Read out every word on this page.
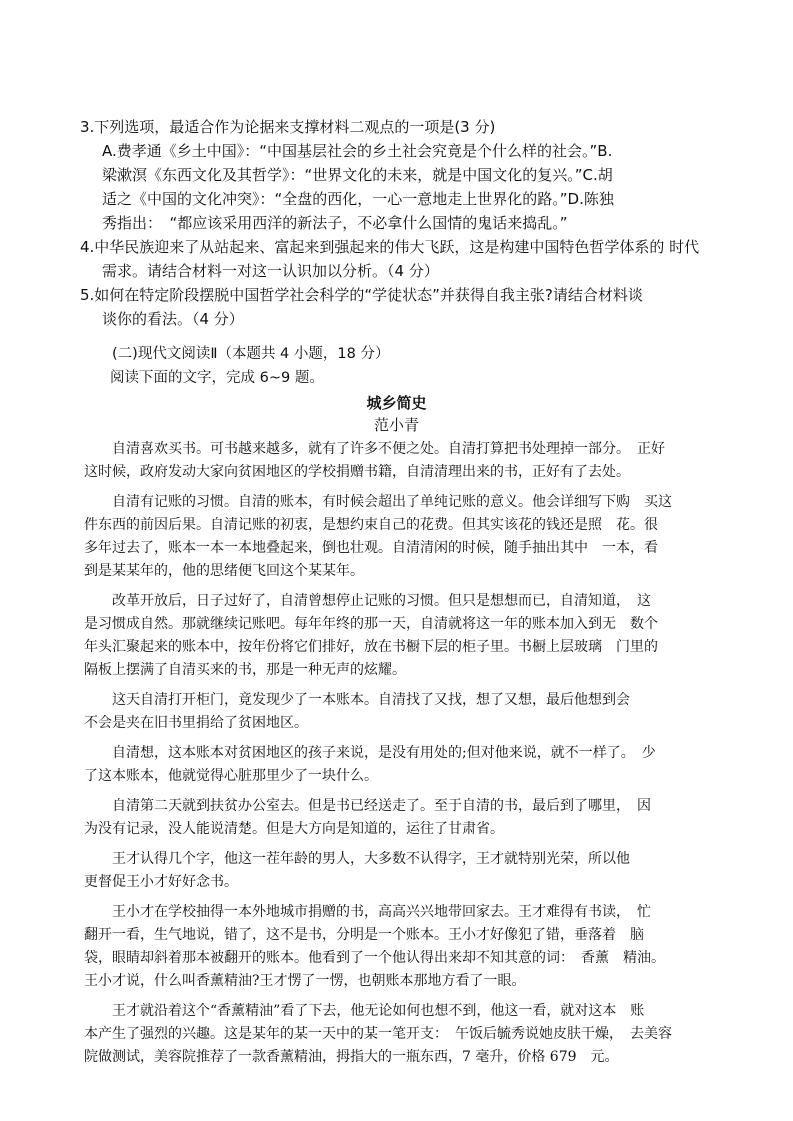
3.下列选项，最适合作为论据来支撑材料二观点的一项是(3 分)
A.费孝通《乡土中国》：“中国基层社会的乡土社会究竟是个什么样的社会。”B.
梁漱溟《东西文化及其哲学》：“世界文化的未来，就是中国文化的复兴。”C.胡
适之《中国的文化冲突》：“全盘的西化，一心一意地走上世界化的路。”D.陈独
秀指出：　“都应该采用西洋的新法子，不必拿什么国情的鬼话来捣乱。”
4.中华民族迎来了从站起来、富起来到强起来的伟大飞跃，这是构建中国特色哲学体系的 时代
需求。请结合材料一对这一认识加以分析。（4 分）
5.如何在特定阶段摆脱中国哲学社会科学的“学徒状态”并获得自我主张?请结合材料谈
谈你的看法。（4 分）
(二)现代文阅读Ⅱ（本题共 4 小题，18 分）
阅读下面的文字，完成 6~9 题。
城乡简史
范小青
　　自清喜欢买书。可书越来越多，就有了许多不便之处。自清打算把书处理掉一部分。　正好
这时候，政府发动大家向贫困地区的学校捐赠书籍，自清清理出来的书，正好有了去处。
　　自清有记账的习惯。自清的账本，有时候会超出了单纯记账的意义。他会详细写下购　买这
件东西的前因后果。自清记账的初衷，是想约束自己的花费。但其实该花的钱还是照　花。很
多年过去了，账本一本一本地叠起来，倒也壮观。自清清闲的时候，随手抽出其中　一本，看
到是某某年的，他的思绪便飞回这个某某年。
　　改革开放后，日子过好了，自清曾想停止记账的习惯。但只是想想而已，自清知道，　这
是习惯成自然。那就继续记账吧。每年年终的那一天，自清就将这一年的账本加入到无　数个
年头汇聚起来的账本中，按年份将它们排好，放在书橱下层的柜子里。书橱上层玻璃　门里的
隔板上摆满了自清买来的书，那是一种无声的炫耀。
　　这天自清打开柜门，竟发现少了一本账本。自清找了又找，想了又想，最后他想到会
不会是夹在旧书里捐给了贫困地区。
　　自清想，这本账本对贫困地区的孩子来说，是没有用处的;但对他来说，就不一样了。　少
了这本账本，他就觉得心脏那里少了一块什么。
　　自清第二天就到扶贫办公室去。但是书已经送走了。至于自清的书，最后到了哪里，　因
为没有记录，没人能说清楚。但是大方向是知道的，运往了甘肃省。
　　王才认得几个字，他这一茬年龄的男人，大多数不认得字，王才就特别光荣，所以他
更督促王小才好好念书。
　　王小才在学校抽得一本外地城市捐赠的书，高高兴兴地带回家去。王才难得有书读，　忙
翻开一看，生气地说，错了，这不是书，分明是一个账本。王小才好像犯了错，垂落着　脑
袋，眼睛却斜着那本被翻开的账本。他看到了一个他认得出来却不知其意的词：　香薰　精油。
王小才说，什么叫香薰精油?王才愣了一愣，也朝账本那地方看了一眼。
　　王才就沿着这个“香薰精油”看了下去，他无论如何也想不到，他这一看，就对这本　账
本产生了强烈的兴趣。这是某年的某一天中的某一笔开支：　午饭后毓秀说她皮肤干燥，　去美容
院做测试，美容院推荐了一款香薰精油，拇指大的一瓶东西，7 毫升，价格 679　元。
